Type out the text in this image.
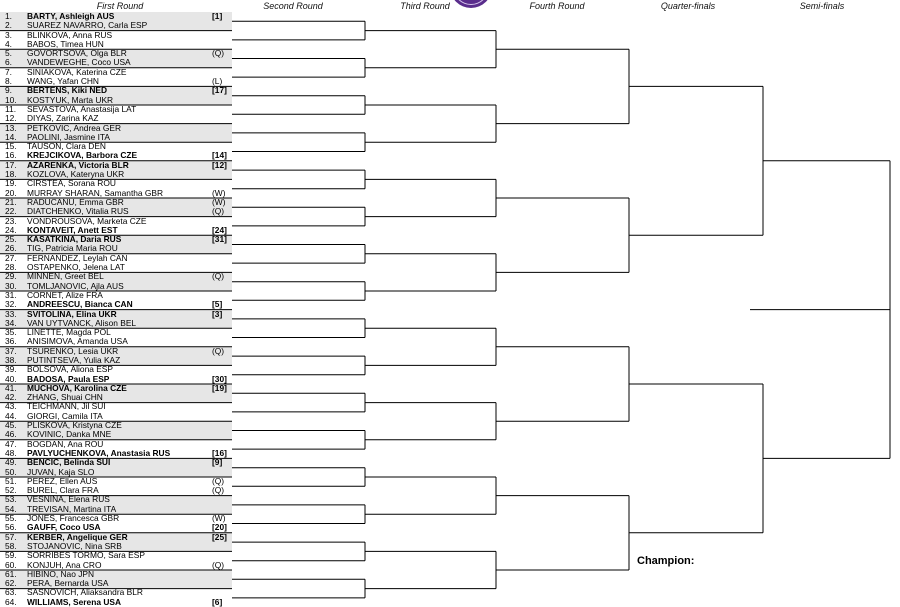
First Round	Second Round	Third Round	Fourth Round	Quarter-finals	Semi-finals
1. BARTY, Ashleigh AUS	[1]
2. SUAREZ NAVARRO, Carla ESP
3. BLINKOVA, Anna RUS
4. BABOS, Timea HUN
5. GOVORTSOVA, Olga BLR	(Q)
6. VANDEWEGHE, Coco USA
7. SINIAKOVA, Katerina CZE
8. WANG, Yafan CHN	(L)
9. BERTENS, Kiki NED	[17]
10. KOSTYUK, Marta UKR
11. SEVASTOVA, Anastasija LAT
12. DIYAS, Zarina KAZ
13. PETKOVIC, Andrea GER
14. PAOLINI, Jasmine ITA
15. TAUSON, Clara DEN
16. KREJCIKOVA, Barbora CZE	[14]
17. AZARENKA, Victoria BLR	[12]
18. KOZLOVA, Kateryna UKR
19. CIRSTEA, Sorana ROU
20. MURRAY SHARAN, Samantha GBR	(W)
21. RADUCANU, Emma GBR	(W)
22. DIATCHENKO, Vitalia RUS	(Q)
23. VONDROUSOVA, Marketa CZE
24. KONTAVEIT, Anett EST	[24]
25. KASATKINA, Daria RUS	[31]
26. TIG, Patricia Maria ROU
27. FERNANDEZ, Leylah CAN
28. OSTAPENKO, Jelena LAT
29. MINNEN, Greet BEL	(Q)
30. TOMLJANOVIC, Ajla AUS
31. CORNET, Alize FRA
32. ANDREESCU, Bianca CAN	[5]
33. SVITOLINA, Elina UKR	[3]
34. VAN UYTVANCK, Alison BEL
35. LINETTE, Magda POL
36. ANISIMOVA, Amanda USA
37. TSURENKO, Lesia UKR	(Q)
38. PUTINTSEVA, Yulia KAZ
39. BOLSOVA, Aliona ESP
40. BADOSA, Paula ESP	[30]
41. MUCHOVA, Karolina CZE	[19]
42. ZHANG, Shuai CHN
43. TEICHMANN, Jil SUI
44. GIORGI, Camila ITA
45. PLISKOVA, Kristyna CZE
46. KOVINIC, Danka MNE
47. BOGDAN, Ana ROU
48. PAVLYUCHENKOVA, Anastasia RUS	[16]
49. BENCIC, Belinda SUI	[9]
50. JUVAN, Kaja SLO
51. PEREZ, Ellen AUS	(Q)
52. BUREL, Clara FRA	(Q)
53. VESNINA, Elena RUS
54. TREVISAN, Martina ITA
55. JONES, Francesca GBR	(W)
56. GAUFF, Coco USA	[20]
57. KERBER, Angelique GER	[25]
58. STOJANOVIC, Nina SRB
59. SORRIBES TORMO, Sara ESP
60. KONJUH, Ana CRO	(Q)
61. HIBINO, Nao JPN
62. PERA, Bernarda USA
63. SASNOVICH, Aliaksandra BLR
64. WILLIAMS, Serena USA	[6]
Champion:
